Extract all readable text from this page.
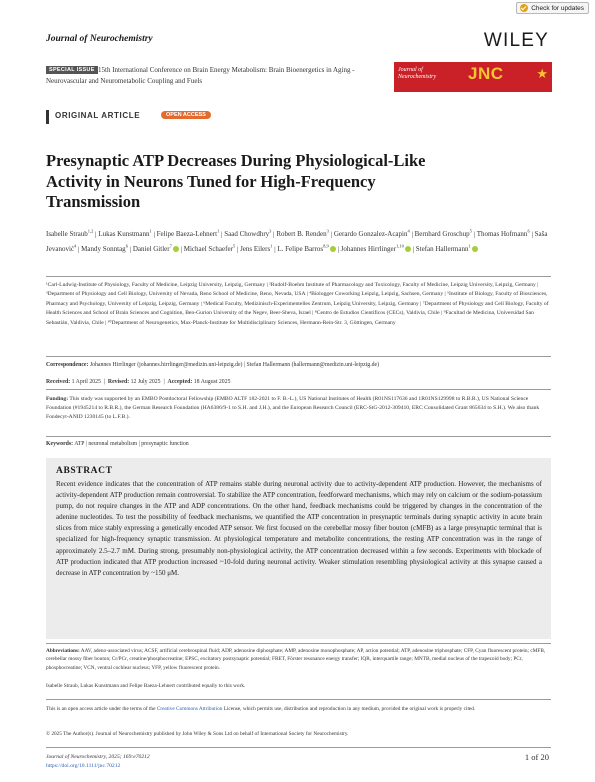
Check for updates
Journal of Neurochemistry	WILEY
15th International Conference on Brain Energy Metabolism: Brain Bioenergetics in Aging - Neurovascular and Neurometabolic Coupling and Fuels
SPECIAL ISSUE	Journal of
Neurochemistry JNC	★
ORIGINAL ARTICLE	OPEN ACCESS
Presynaptic ATP Decreases During Physiological-Like Activity in Neurons Tuned for High-Frequency Transmission
Isabelle Straub$^{1,2}$ | Lukas Kunstmann$^1$ | Felipe Baeza-Lehnert$^1$ | Saad Chowdhry$^3$ | Robert B. Renden$^3$ | Gerardo Gonzalez-Acapin$^4$ | Bernhard Groschup$^5$ | Thomas Hofmann$^6$ | Saša Jevanović$^4$ | Mandy Sonntag$^6$ | Daniel Gitler$^7$ | Michael Schaefer$^5$ | Jens Eilers$^1$ | L. Felipe Barros$^{8,9}$ | Johannes Hirrlinger$^{1,10}$ | Stefan Hallermann$^1$
¹Carl-Ludwig-Institute of Physiology, Faculty of Medicine, Leipzig University, Leipzig, Germany | ²Rudolf-Boehm Institute of Pharmacology and Toxicology, Faculty of Medicine, Leipzig University, Leipzig, Germany | ³Department of Physiology and Cell Biology, University of Nevada, Reno School of Medicine, Reno, Nevada, USA | ⁴Biologger Coworking Leipzig, Leipzig, Sachsen, Germany | ⁵Institute of Biology, Faculty of Biosciences, Pharmacy and Psychology, University of Leipzig, Leipzig, Germany | ⁶Medical Faculty, Medizinisch-Experimentelles Zentrum, Leipzig University, Leipzig, Germany | ⁷Department of Physiology and Cell Biology, Faculty of Health Sciences and School of Brain Sciences and Cognition, Ben-Gurion University of the Negev, Beer-Sheva, Israel | ⁸Centro de Estudios Científicos (CECs), Valdivia, Chile | ⁹Facultad de Medicina, Universidad San Sebastián, Valdivia, Chile | ¹⁰Department of Neurogenetics, Max-Planck-Institute for Multidisciplinary Sciences, Hermann-Rein-Str. 3, Göttingen, Germany
Correspondence: Johannes Hirrlinger (johannes.hirrlinger@medizin.uni-leipzig.de) | Stefan Hallermann (hallermann@medizin.uni-leipzig.de)
Received: 1 April 2025  |  Revised: 12 July 2025  |  Accepted: 18 August 2025
Funding: This study was supported by an EMBO Postdoctoral Fellowship (EMBO ALTF 182-2021 to F. B.-L.), US National Institutes of Health (R01NS117636 and 1R01NS129998 to R.B.R.), US National Science Foundation (#1945214 to R.B.R.), the German Research Foundation (HA6386/9-1 to S.H. and J.H.), and the European Research Council (ERC-StG-2012-309410, ERC Consolidated Grant 865634 to S.H.). We also thank Fondecyt-ANID 1230145 (to L.F.B.).
Keywords: ATP | neuronal metabolism | presynaptic function
ABSTRACT
Recent evidence indicates that the concentration of ATP remains stable during neuronal activity due to activity-dependent ATP production. However, the mechanisms of activity-dependent ATP production remain controversial. To stabilize the ATP concentration, feedforward mechanisms, which may rely on calcium or the sodium-potassium pump, do not require changes in the ATP and ADP concentrations. On the other hand, feedback mechanisms could be triggered by changes in the concentration of the adenine nucleotides. To test the possibility of feedback mechanisms, we quantified the ATP concentration in presynaptic terminals during synaptic activity in acute brain slices from mice stably expressing a genetically encoded ATP sensor. We first focused on the cerebellar mossy fiber bouton (cMFB) as a large presynaptic terminal that is specialized for high-frequency synaptic transmission. At physiological temperature and metabolite concentrations, the resting ATP concentration was in the range of approximately 2.5–2.7 mM. During strong, presumably non-physiological activity, the ATP concentration decreased within a few seconds. Experiments with blockade of ATP production indicated that ATP production increased ~10-fold during neuronal activity. Weaker stimulation resembling physiological activity at this synapse caused a decrease in ATP concentration by ~150 μM.
Abbreviations: AAV, adeno-associated virus; ACSF, artificial cerebrospinal fluid; ADP, adenosine diphosphate; AMP, adenosine monophosphate; AP, action potential; ATP, adenosine triphosphate; CFP, Cyan fluorescent protein; cMFB, cerebellar mossy fiber bouton; Cr/PCr, creatine/phosphocreatine; EPSC, excitatory postsynaptic potential; FRET, Förster resonance energy transfer; IQR, interquartile range; MNTB, medial nucleus of the trapezoid body; PCr, phosphocreatine; VCN, ventral cochlear nucleus; YFP, yellow fluorescent protein.
Isabelle Straub, Lukas Kunstmann and Felipe Baeza-Lehnert contributed equally to this work.
This is an open access article under the terms of the Creative Commons Attribution License, which permits use, distribution and reproduction in any medium, provided the original work is properly cited.
© 2025 The Author(s). Journal of Neurochemistry published by John Wiley & Sons Ltd on behalf of International Society for Neurochemistry.
Journal of Neurochemistry, 2025; 169:e70212
https://doi.org/10.1111/jnc.70212
1 of 20
